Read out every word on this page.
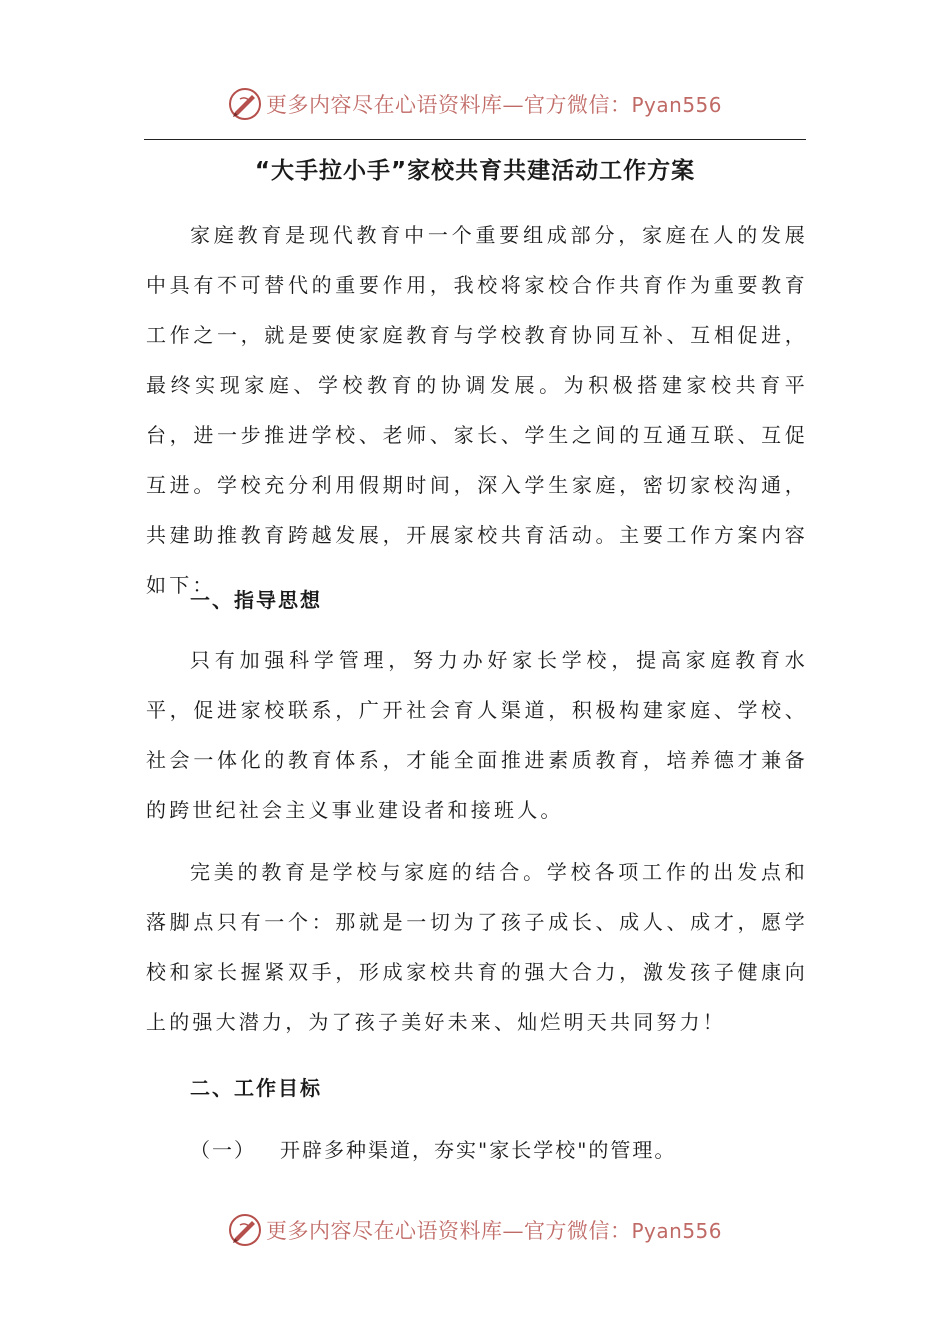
更多内容尽在心语资料库—官方微信：Pyan556
“大手拉小手”家校共育共建活动工作方案

家庭教育是现代教育中一个重要组成部分，家庭在人的发展中具有不可替代的重要作用，我校将家校合作共育作为重要教育工作之一，就是要使家庭教育与学校教育协同互补、互相促进，最终实现家庭、学校教育的协调发展。为积极搭建家校共育平台，进一步推进学校、老师、家长、学生之间的互通互联、互促互进。学校充分利用假期时间，深入学生家庭，密切家校沟通，共建助推教育跨越发展，开展家校共育活动。主要工作方案内容如下：

一、指导思想

只有加强科学管理，努力办好家长学校，提高家庭教育水平，促进家校联系，广开社会育人渠道，积极构建家庭、学校、社会一体化的教育体系，才能全面推进素质教育，培养德才兼备的跨世纪社会主义事业建设者和接班人。

完美的教育是学校与家庭的结合。学校各项工作的出发点和落脚点只有一个：那就是一切为了孩子成长、成人、成才，愿学校和家长握紧双手，形成家校共育的强大合力，激发孩子健康向上的强大潜力，为了孩子美好未来、灿烂明天共同努力！

二、工作目标
（一） 开辟多种渠道，夯实"家长学校"的管理。
更多内容尽在心语资料库—官方微信：Pyan556
